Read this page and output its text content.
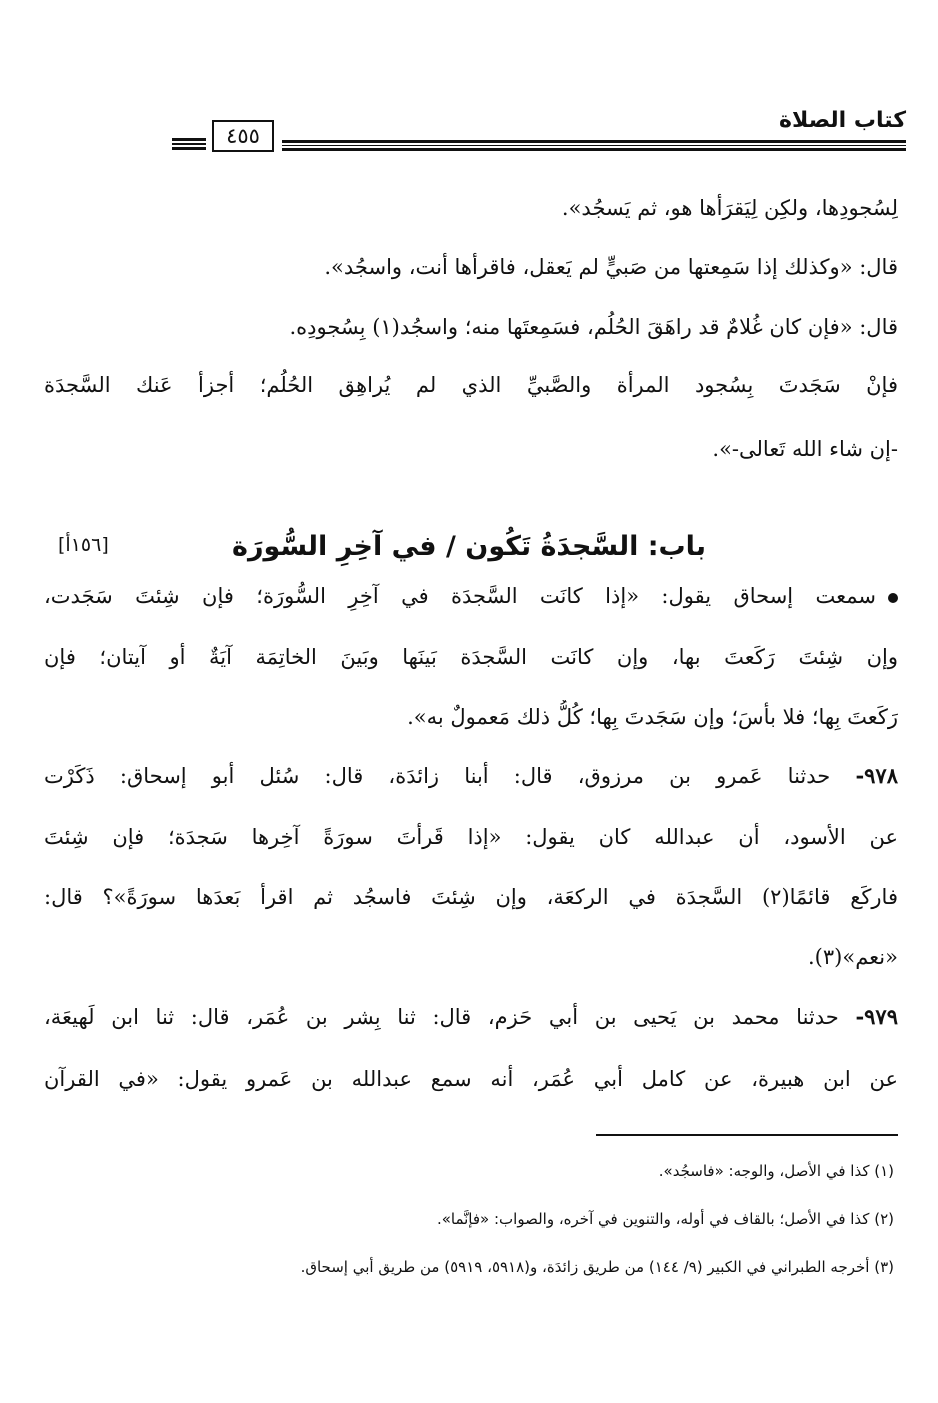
كتاب الصلاة
٤٥٥
لِسُجودِها، ولكِن لِيَقرَأها هو، ثم يَسجُد».
قال: «وكذلك إذا سَمِعتها من صَبيٍّ لم يَعقل، فاقرأها أنت، واسجُد».
قال: «فإن كان غُلامٌ قد راهَقَ الحُلُم، فسَمِعتَها منه؛ واسجُد(١) بِسُجودِه.
فإنْ سَجَدتَ بِسُجود المرأة والصَّبيِّ الذي لم يُراهِق الحُلُم؛ أجزأ عَنك السَّجدَة
-إن شاء الله تَعالى-».
باب: السَّجدَةُ تَكُون / في آخِرِ السُّورَة
[١٥٦أ]
سمعت إسحاق يقول: «إذا كانَت السَّجدَة في آخِرِ السُّورَة؛ فإن شِئتَ سَجَدت،
وإن شِئتَ رَكَعتَ بها، وإن كانَت السَّجدَة بَينَها وبَينَ الخاتِمَة آيَةٌ أو آيتان؛ فإن
رَكَعتَ بِها؛ فلا بأسَ؛ وإن سَجَدتَ بِها؛ كُلُّ ذلك مَعمولٌ به».
٩٧٨- حدثنا عَمرو بن مرزوق، قال: أبنا زائدَة، قال: سُئل أبو إسحاق: ذَكَرْت
عن الأسود، أن عبدالله كان يقول: «إذا قَرأتَ سورَةً آخِرها سَجدَة؛ فإن شِئتَ
فاركَع قائمًا(٢) السَّجدَة في الركعَة، وإن شِئتَ فاسجُد ثم اقرأ بَعدَها سورَةً»؟ قال:
«نعم»(٣).
٩٧٩- حدثنا محمد بن يَحيى بن أبي حَزم، قال: ثنا بِشر بن عُمَر، قال: ثنا ابن لَهيعَة،
عن ابن هبيرة، عن كامل أبي عُمَر، أنه سمع عبدالله بن عَمرو يقول: «في القرآن
(١) كذا في الأصل، والوجه: «فاسجُد».
(٢) كذا في الأصل؛ بالقاف في أوله، والتنوين في آخره، والصواب: «فإنَّما».
(٣) أخرجه الطبراني في الكبير (٩/ ١٤٤) من طريق زائدَة، و(٥٩١٨، ٥٩١٩) من طريق أبي إسحاق.
